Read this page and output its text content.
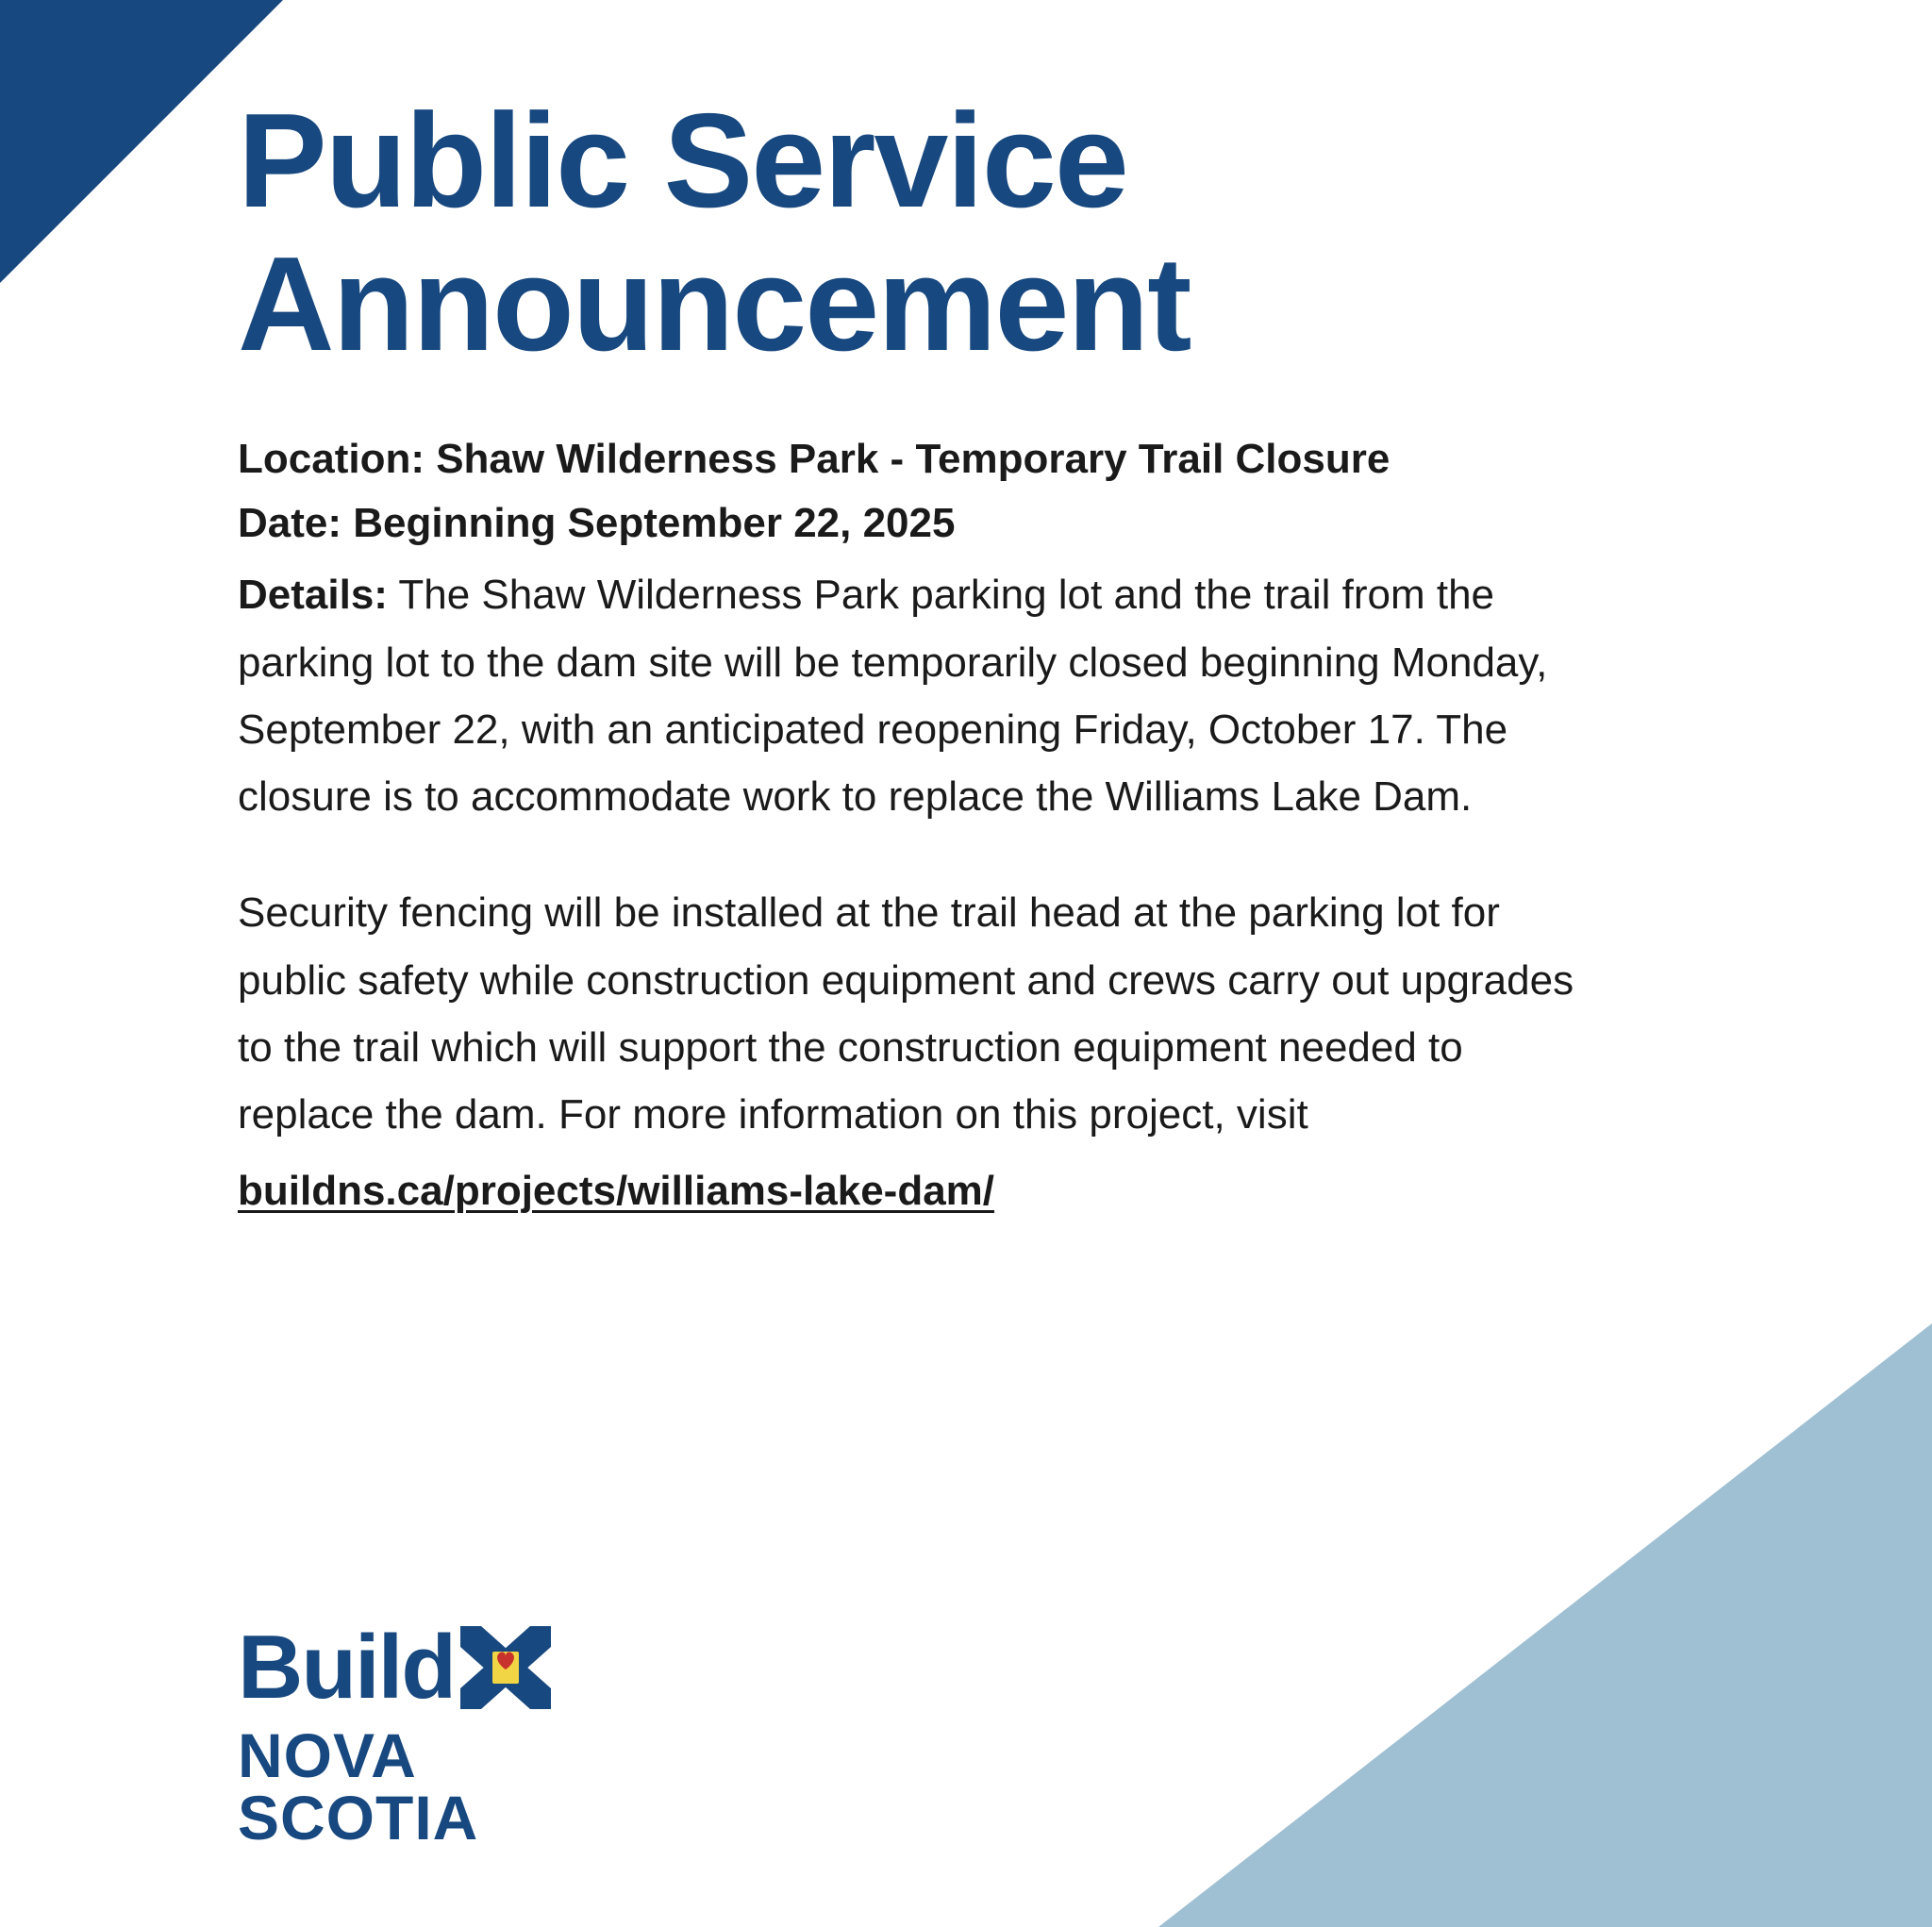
Public Service Announcement

Location: Shaw Wilderness Park - Temporary Trail Closure

Date: Beginning September 22, 2025

Details: The Shaw Wilderness Park parking lot and the trail from the parking lot to the dam site will be temporarily closed beginning Monday, September 22, with an anticipated reopening Friday, October 17. The closure is to accommodate work to replace the Williams Lake Dam.

Security fencing will be installed at the trail head at the parking lot for public safety while construction equipment and crews carry out upgrades to the trail which will support the construction equipment needed to replace the dam. For more information on this project, visit

buildns.ca/projects/williams-lake-dam/
Build
NOVA SCOTIA
